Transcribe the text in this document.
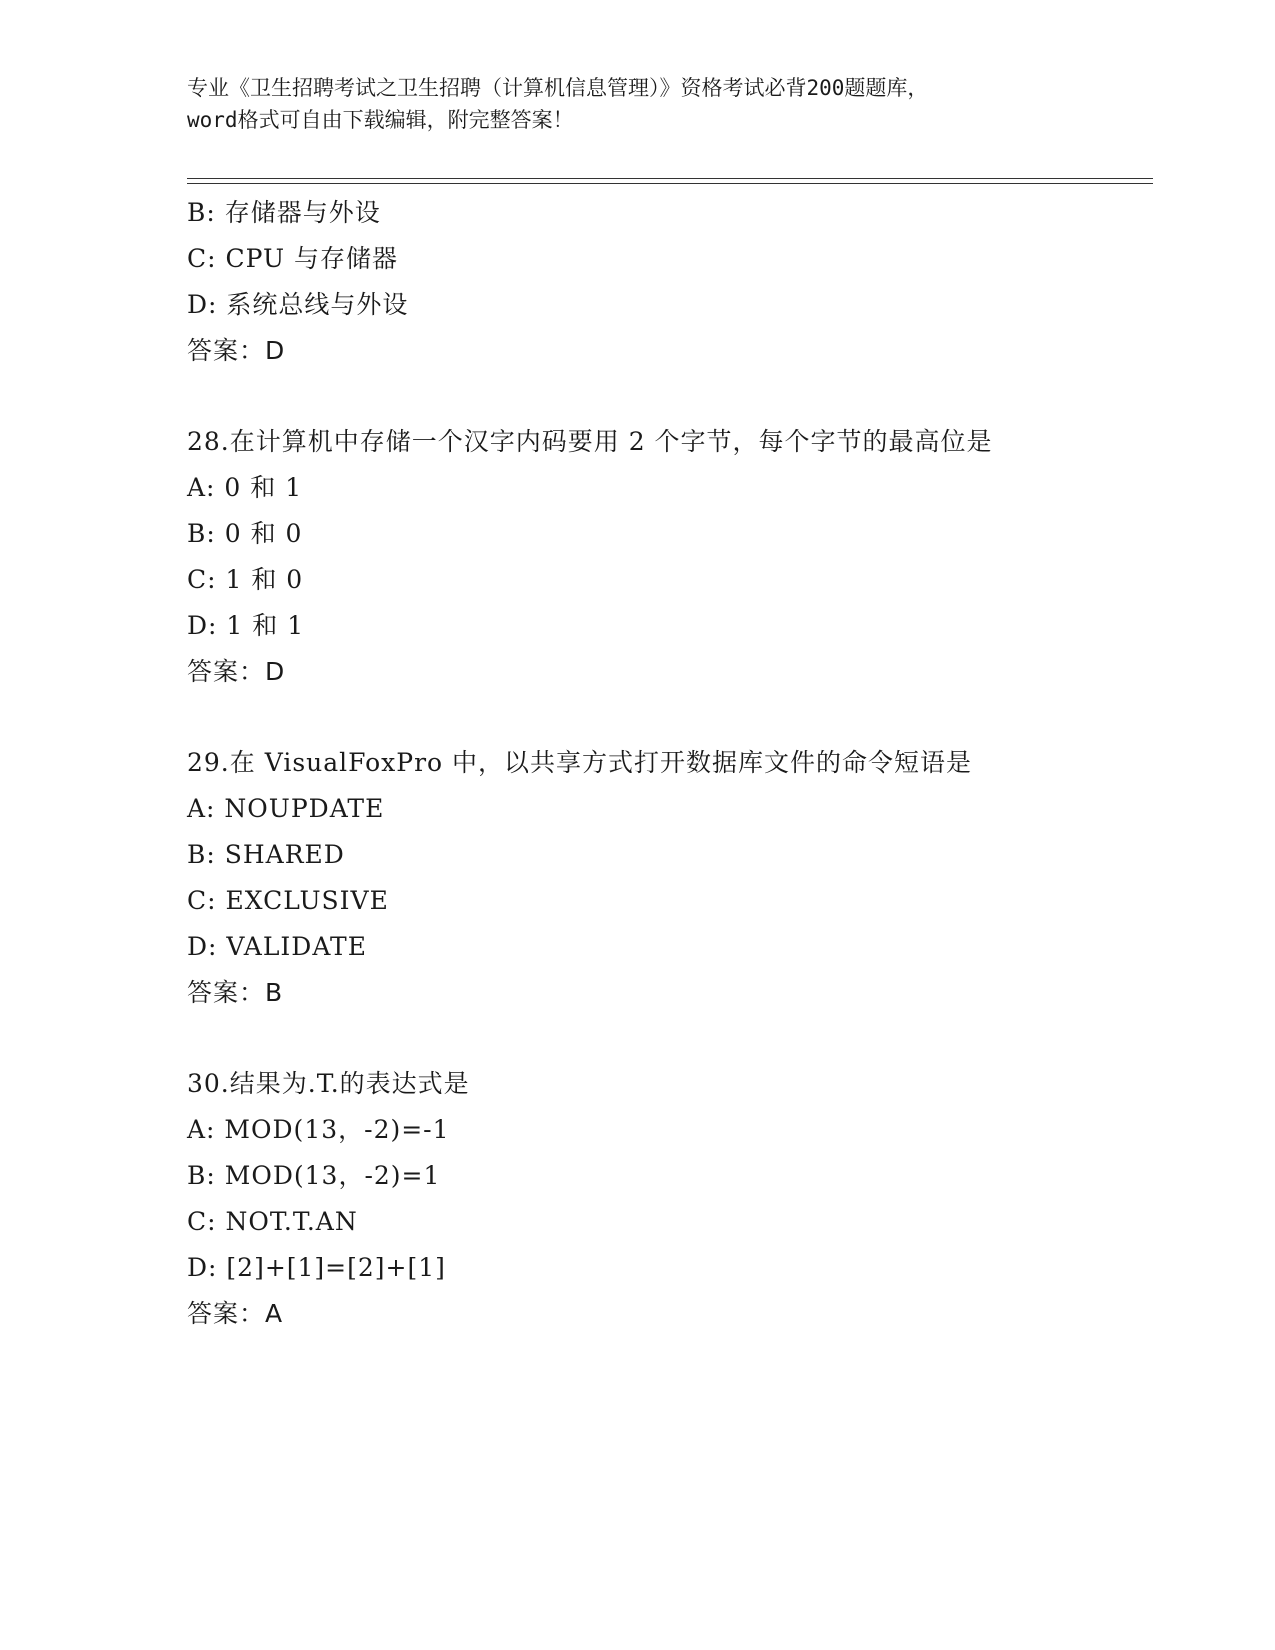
专业《卫生招聘考试之卫生招聘（计算机信息管理）》资格考试必背200题题库，

word格式可自由下载编辑，附完整答案！

B: 存储器与外设
C: CPU 与存储器
D: 系统总线与外设
答案：D
28.在计算机中存储一个汉字内码要用 2 个字节，每个字节的最高位是
A: 0 和 1
B: 0 和 0
C: 1 和 0
D: 1 和 1
答案：D
29.在 VisualFoxPro 中，以共享方式打开数据库文件的命令短语是
A: NOUPDATE
B: SHARED
C: EXCLUSIVE
D: VALIDATE
答案：B
30.结果为.T.的表达式是
A: MOD(13，-2)=-1
B: MOD(13，-2)=1
C: NOT.T.AN
D: [2]+[1]=[2]+[1]
答案：A
